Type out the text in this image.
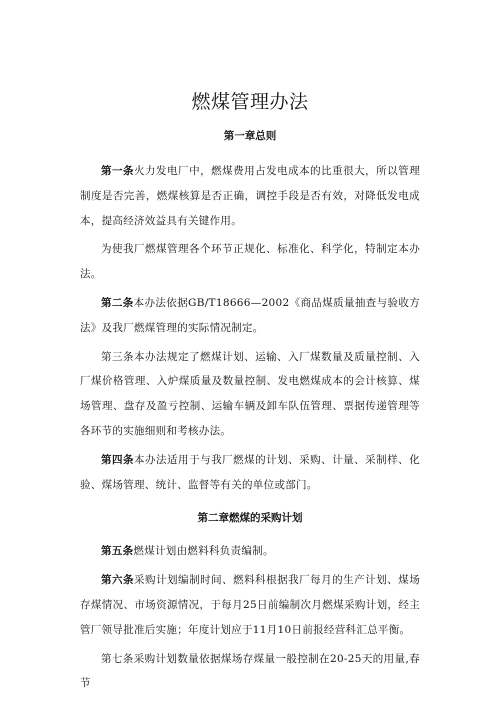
燃煤管理办法
第一章总则

第一条火力发电厂中，燃煤费用占发电成本的比重很大，所以管理制度是否完善，燃煤核算是否正确，调控手段是否有效，对降低发电成本，提高经济效益具有关键作用。

为使我厂燃煤管理各个环节正规化、标准化、科学化，特制定本办法。

第二条本办法依据GB/T18666—2002《商品煤质量抽查与验收方法》及我厂燃煤管理的实际情况制定。

第三条本办法规定了燃煤计划、运输、入厂煤数量及质量控制、入厂煤价格管理、入炉煤质量及数量控制、发电燃煤成本的会计核算、煤场管理、盘存及盈亏控制、运输车辆及卸车队伍管理、票据传递管理等各环节的实施细则和考核办法。

第四条本办法适用于与我厂燃煤的计划、采购、计量、采制样、化验、煤场管理、统计、监督等有关的单位或部门。

第二章燃煤的采购计划

第五条燃煤计划由燃料科负责编制。

第六条采购计划编制时间、燃料科根据我厂每月的生产计划、煤场存煤情况、市场资源情况，于每月25日前编制次月燃煤采购计划，经主管厂领导批准后实施；年度计划应于11月10日前报经营科汇总平衡。

第七条采购计划数量依据煤场存煤量一般控制在20-25天的用量,春节
